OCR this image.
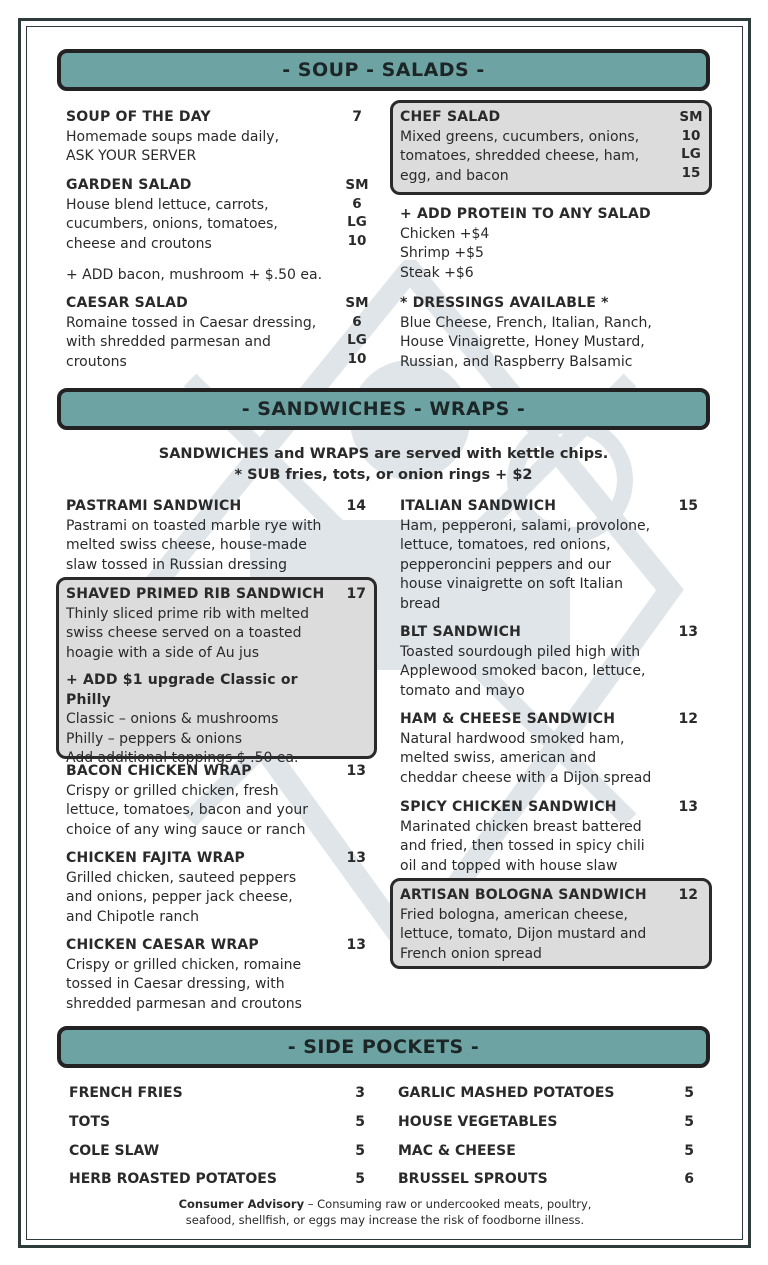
- SOUP - SALADS -
SOUP OF THE DAY
Homemade soups made daily,
ASK YOUR SERVER
7
GARDEN SALAD
House blend lettuce, carrots,
cucumbers, onions, tomatoes,
cheese and croutons
SM
6
LG
10
+ ADD bacon, mushroom + $.50 ea.
CAESAR SALAD
Romaine tossed in Caesar dressing,
with shredded parmesan and
croutons
SM
6
LG
10
CHEF SALAD
Mixed greens, cucumbers, onions,
tomatoes, shredded cheese, ham,
egg, and bacon
SM
10
LG
15
+ ADD PROTEIN TO ANY SALAD
Chicken +$4
Shrimp +$5
Steak +$6
* DRESSINGS AVAILABLE *
Blue Cheese, French, Italian, Ranch,
House Vinaigrette, Honey Mustard,
Russian, and Raspberry Balsamic
- SANDWICHES - WRAPS -
SANDWICHES and WRAPS are served with kettle chips.
* SUB fries, tots, or onion rings + $2
PASTRAMI SANDWICH
Pastrami on toasted marble rye with
melted swiss cheese, house-made
slaw tossed in Russian dressing
14
SHAVED PRIMED RIB SANDWICH
Thinly sliced prime rib with melted
swiss cheese served on a toasted
hoagie with a side of Au jus
+ ADD $1 upgrade Classic or Philly
Classic – onions & mushrooms
Philly – peppers & onions
Add additional toppings $ .50 ea.
17
BACON CHICKEN WRAP
Crispy or grilled chicken, fresh
lettuce, tomatoes, bacon and your
choice of any wing sauce or ranch
13
CHICKEN FAJITA WRAP
Grilled chicken, sauteed peppers
and onions, pepper jack cheese,
and Chipotle ranch
13
CHICKEN CAESAR WRAP
Crispy or grilled chicken, romaine
tossed in Caesar dressing, with
shredded parmesan and croutons
13
ITALIAN SANDWICH
Ham, pepperoni, salami, provolone,
lettuce, tomatoes, red onions,
pepperoncini peppers and our
house vinaigrette on soft Italian
bread
15
BLT SANDWICH
Toasted sourdough piled high with
Applewood smoked bacon, lettuce,
tomato and mayo
13
HAM & CHEESE SANDWICH
Natural hardwood smoked ham,
melted swiss, american and
cheddar cheese with a Dijon spread
12
SPICY CHICKEN SANDWICH
Marinated chicken breast battered
and fried, then tossed in spicy chili
oil and topped with house slaw
13
ARTISAN BOLOGNA SANDWICH
Fried bologna, american cheese,
lettuce, tomato, Dijon mustard and
French onion spread
12
- SIDE POCKETS -
FRENCH FRIES	3
TOTS	5
COLE SLAW	5
HERB ROASTED POTATOES	5
GARLIC MASHED POTATOES	5
HOUSE VEGETABLES	5
MAC & CHEESE	5
BRUSSEL SPROUTS	6
Consumer Advisory – Consuming raw or undercooked meats, poultry,
seafood, shellfish, or eggs may increase the risk of foodborne illness.
